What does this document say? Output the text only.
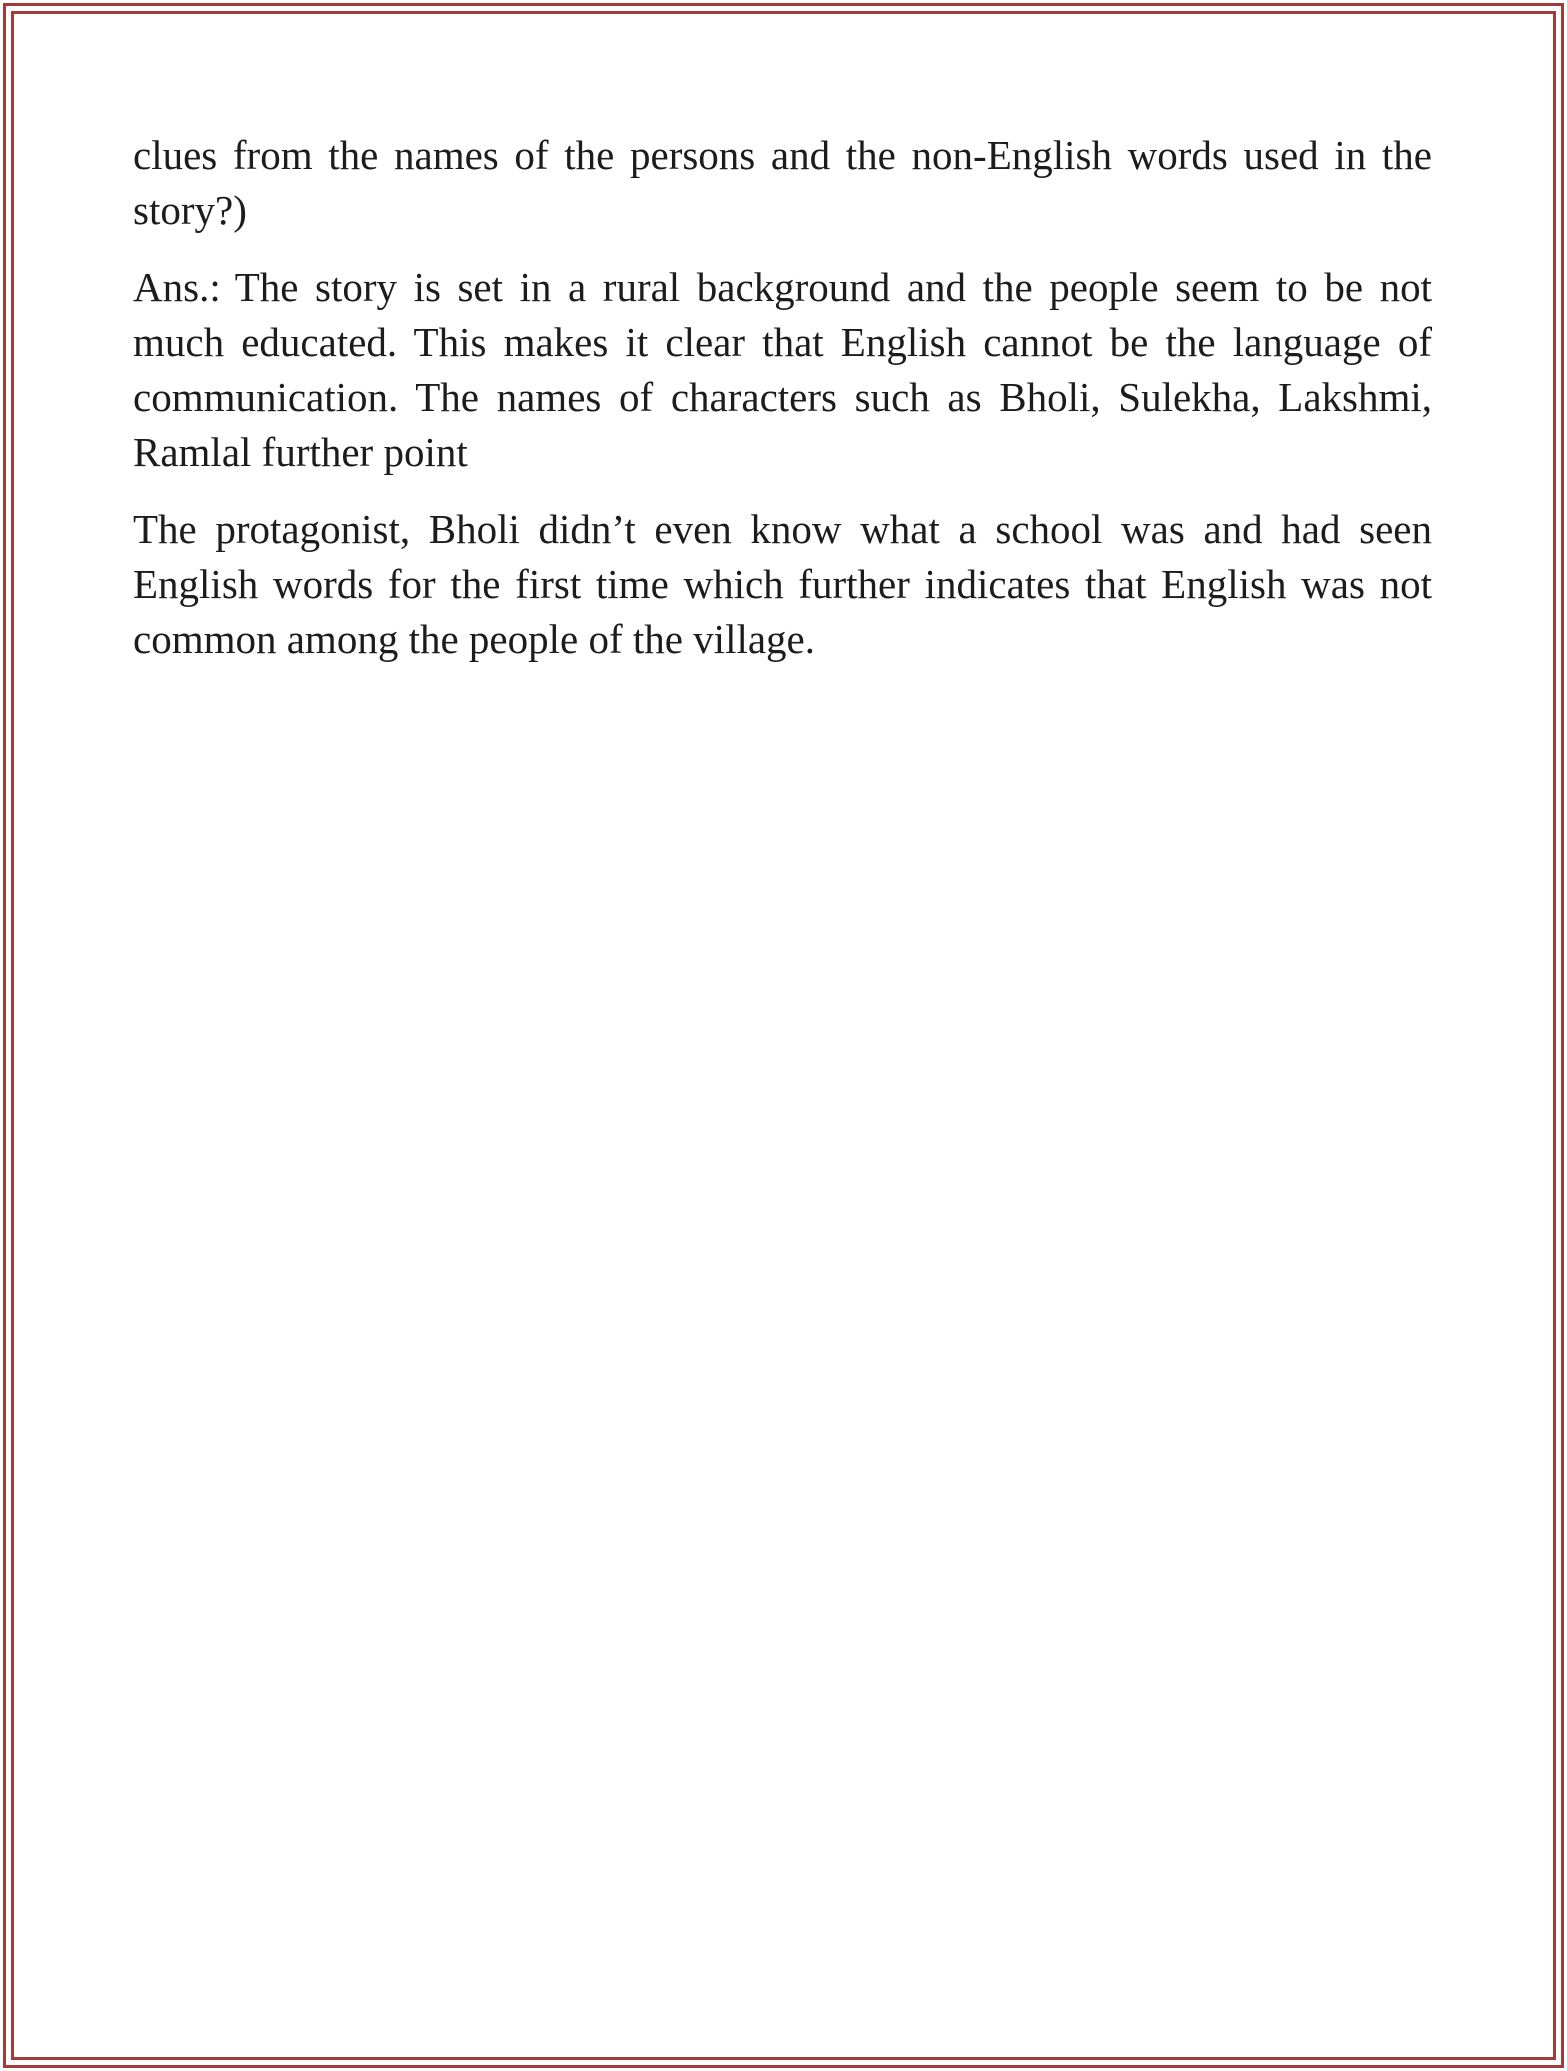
clues from the names of the persons and the non-English words used in the story?)

Ans.: The story is set in a rural background and the people seem to be not much educated. This makes it clear that English cannot be the language of communication. The names of characters such as Bholi, Sulekha, Lakshmi, Ramlal further point

The protagonist, Bholi didn’t even know what a school was and had seen English words for the first time which further indicates that English was not common among the people of the village.
